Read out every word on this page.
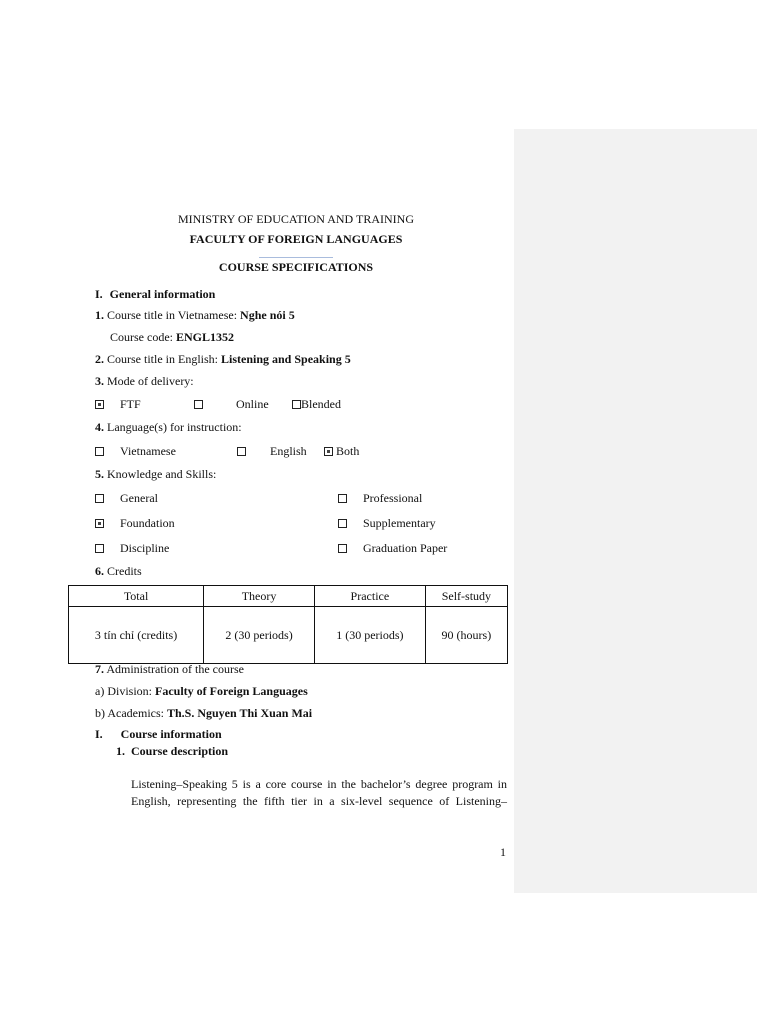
MINISTRY OF EDUCATION AND TRAINING
FACULTY OF FOREIGN LANGUAGES
COURSE SPECIFICATIONS
I. General information
1. Course title in Vietnamese: Nghe nói 5
Course code: ENGL1352
2. Course title in English: Listening and Speaking 5
3. Mode of delivery:
FTF	Online	Blended
4. Language(s) for instruction:
Vietnamese	English	Both
5. Knowledge and Skills:
General	Professional
Foundation	Supplementary
Discipline	Graduation Paper
6. Credits
Total	Theory	Practice	Self-study
3 tín chỉ (credits)	2 (30 periods)	1 (30 periods)	90 (hours)
7. Administration of the course
a) Division: Faculty of Foreign Languages
b) Academics: Th.S. Nguyen Thi Xuan Mai
I. Course information
1. Course description
Listening–Speaking 5 is a core course in the bachelor’s degree program in
English, representing the fifth tier in a six-level sequence of Listening–
1
